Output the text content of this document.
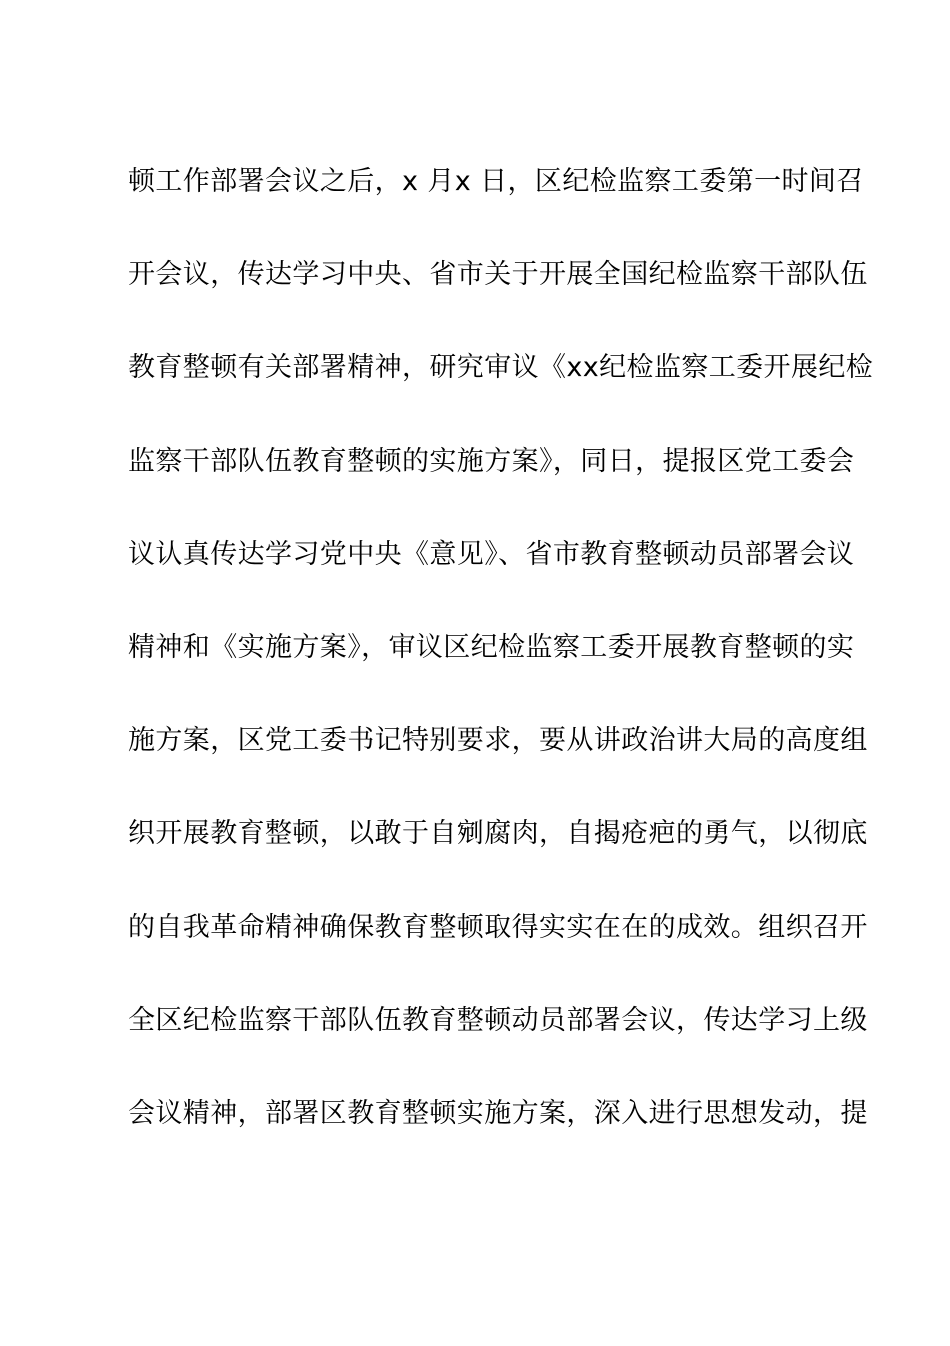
顿工作部署会议之后，x 月x 日，区纪检监察工委第一时间召
开会议，传达学习中央、省市关于开展全国纪检监察干部队伍
教育整顿有关部署精神，研究审议《xx纪检监察工委开展纪检
监察干部队伍教育整顿的实施方案》，同日，提报区党工委会
议认真传达学习党中央《意见》、省市教育整顿动员部署会议
精神和《实施方案》，审议区纪检监察工委开展教育整顿的实
施方案，区党工委书记特别要求，要从讲政治讲大局的高度组
织开展教育整顿，以敢于自剜腐肉，自揭疮疤的勇气，以彻底
的自我革命精神确保教育整顿取得实实在在的成效。组织召开
全区纪检监察干部队伍教育整顿动员部署会议，传达学习上级
会议精神，部署区教育整顿实施方案，深入进行思想发动，提
